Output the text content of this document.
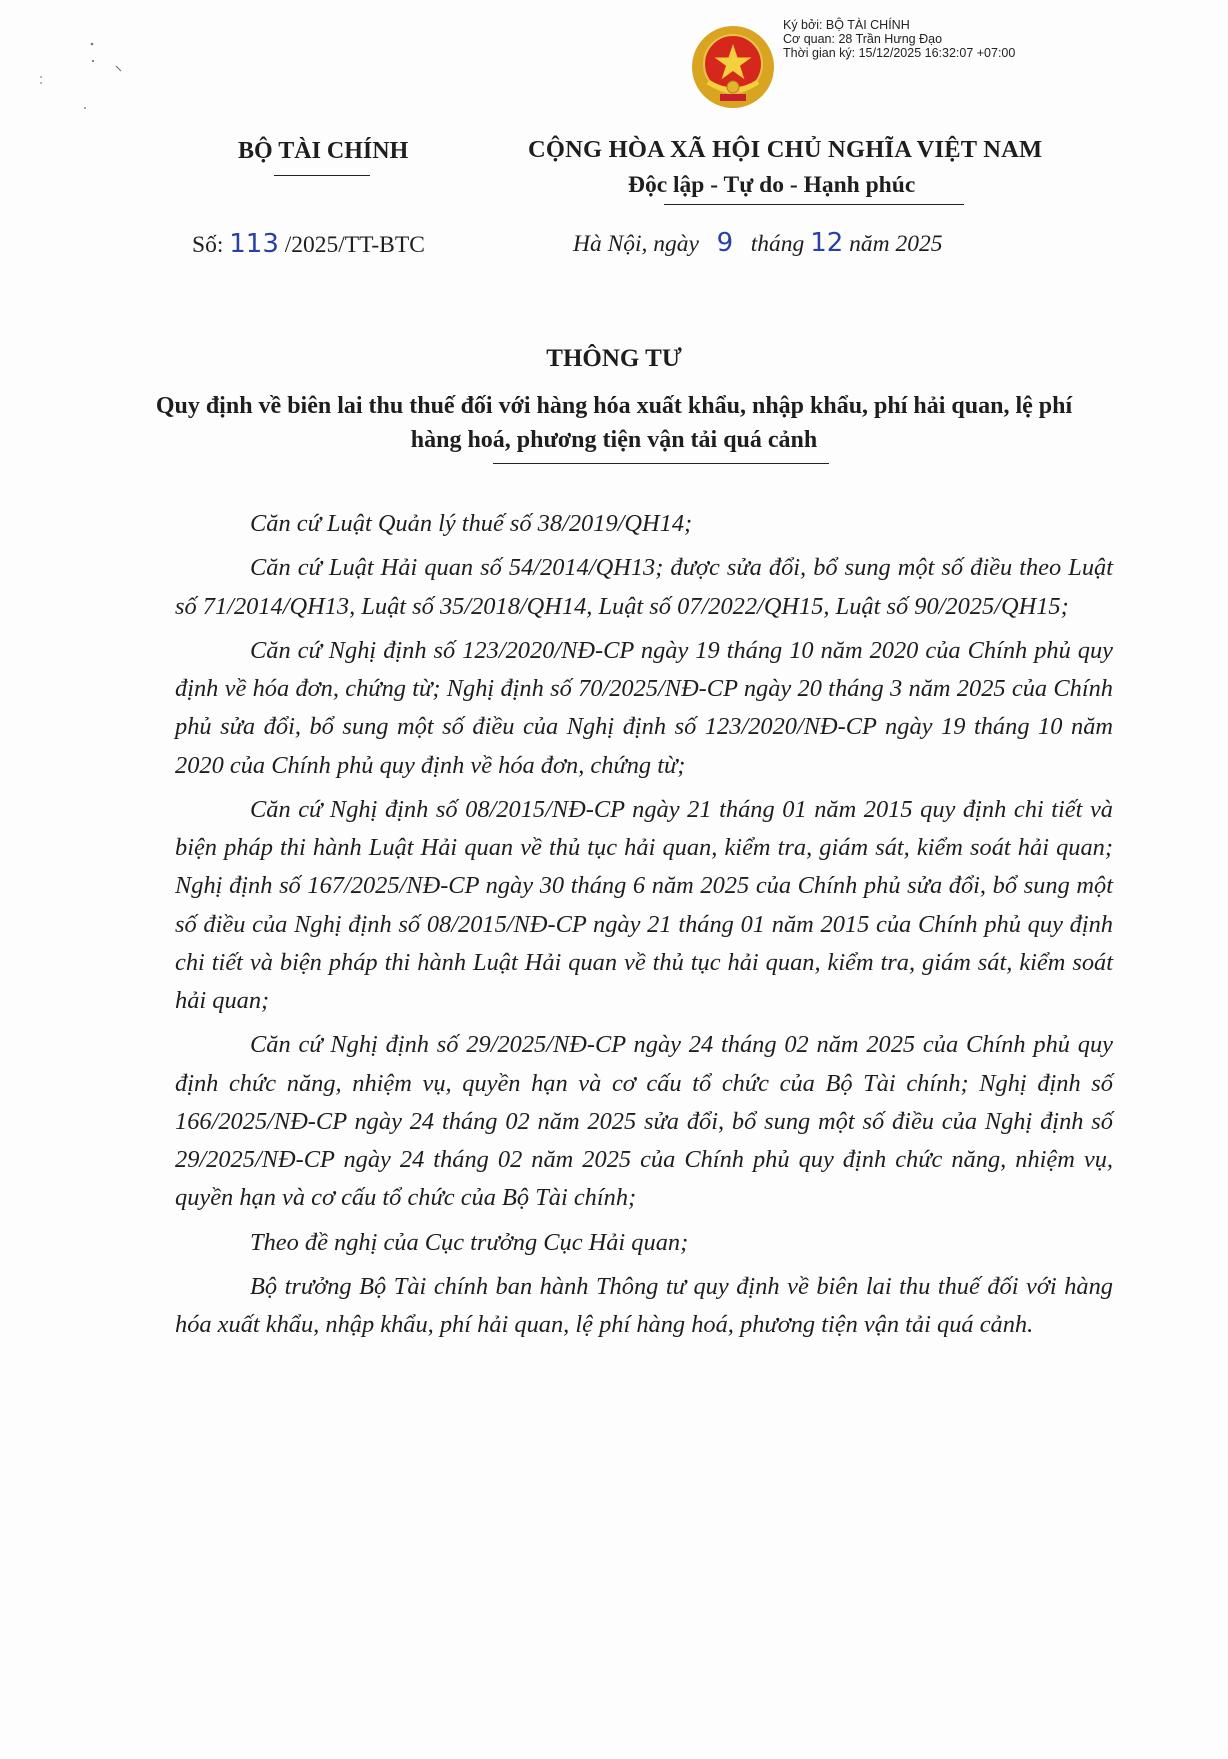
Ký bởi: BỘ TÀI CHÍNH
Cơ quan: 28 Trần Hưng Đạo
Thời gian ký: 15/12/2025 16:32:07 +07:00
BỘ TÀI CHÍNH	CỘNG HÒA XÃ HỘI CHỦ NGHĨA VIỆT NAM
Độc lập - Tự do - Hạnh phúc
Số: 113 /2025/TT-BTC	Hà Nội, ngày 9 tháng 12 năm 2025
THÔNG TƯ
Quy định về biên lai thu thuế đối với hàng hóa xuất khẩu, nhập khẩu, phí hải quan, lệ phí hàng hoá, phương tiện vận tải quá cảnh

Căn cứ Luật Quản lý thuế số 38/2019/QH14;

Căn cứ Luật Hải quan số 54/2014/QH13; được sửa đổi, bổ sung một số điều theo Luật số 71/2014/QH13, Luật số 35/2018/QH14, Luật số 07/2022/QH15, Luật số 90/2025/QH15;

Căn cứ Nghị định số 123/2020/NĐ-CP ngày 19 tháng 10 năm 2020 của Chính phủ quy định về hóa đơn, chứng từ; Nghị định số 70/2025/NĐ-CP ngày 20 tháng 3 năm 2025 của Chính phủ sửa đổi, bổ sung một số điều của Nghị định số 123/2020/NĐ-CP ngày 19 tháng 10 năm 2020 của Chính phủ quy định về hóa đơn, chứng từ;

Căn cứ Nghị định số 08/2015/NĐ-CP ngày 21 tháng 01 năm 2015 quy định chi tiết và biện pháp thi hành Luật Hải quan về thủ tục hải quan, kiểm tra, giám sát, kiểm soát hải quan; Nghị định số 167/2025/NĐ-CP ngày 30 tháng 6 năm 2025 của Chính phủ sửa đổi, bổ sung một số điều của Nghị định số 08/2015/NĐ-CP ngày 21 tháng 01 năm 2015 của Chính phủ quy định chi tiết và biện pháp thi hành Luật Hải quan về thủ tục hải quan, kiểm tra, giám sát, kiểm soát hải quan;

Căn cứ Nghị định số 29/2025/NĐ-CP ngày 24 tháng 02 năm 2025 của Chính phủ quy định chức năng, nhiệm vụ, quyền hạn và cơ cấu tổ chức của Bộ Tài chính; Nghị định số 166/2025/NĐ-CP ngày 24 tháng 02 năm 2025 sửa đổi, bổ sung một số điều của Nghị định số 29/2025/NĐ-CP ngày 24 tháng 02 năm 2025 của Chính phủ quy định chức năng, nhiệm vụ, quyền hạn và cơ cấu tổ chức của Bộ Tài chính;

Theo đề nghị của Cục trưởng Cục Hải quan;

Bộ trưởng Bộ Tài chính ban hành Thông tư quy định về biên lai thu thuế đối với hàng hóa xuất khẩu, nhập khẩu, phí hải quan, lệ phí hàng hoá, phương tiện vận tải quá cảnh.
